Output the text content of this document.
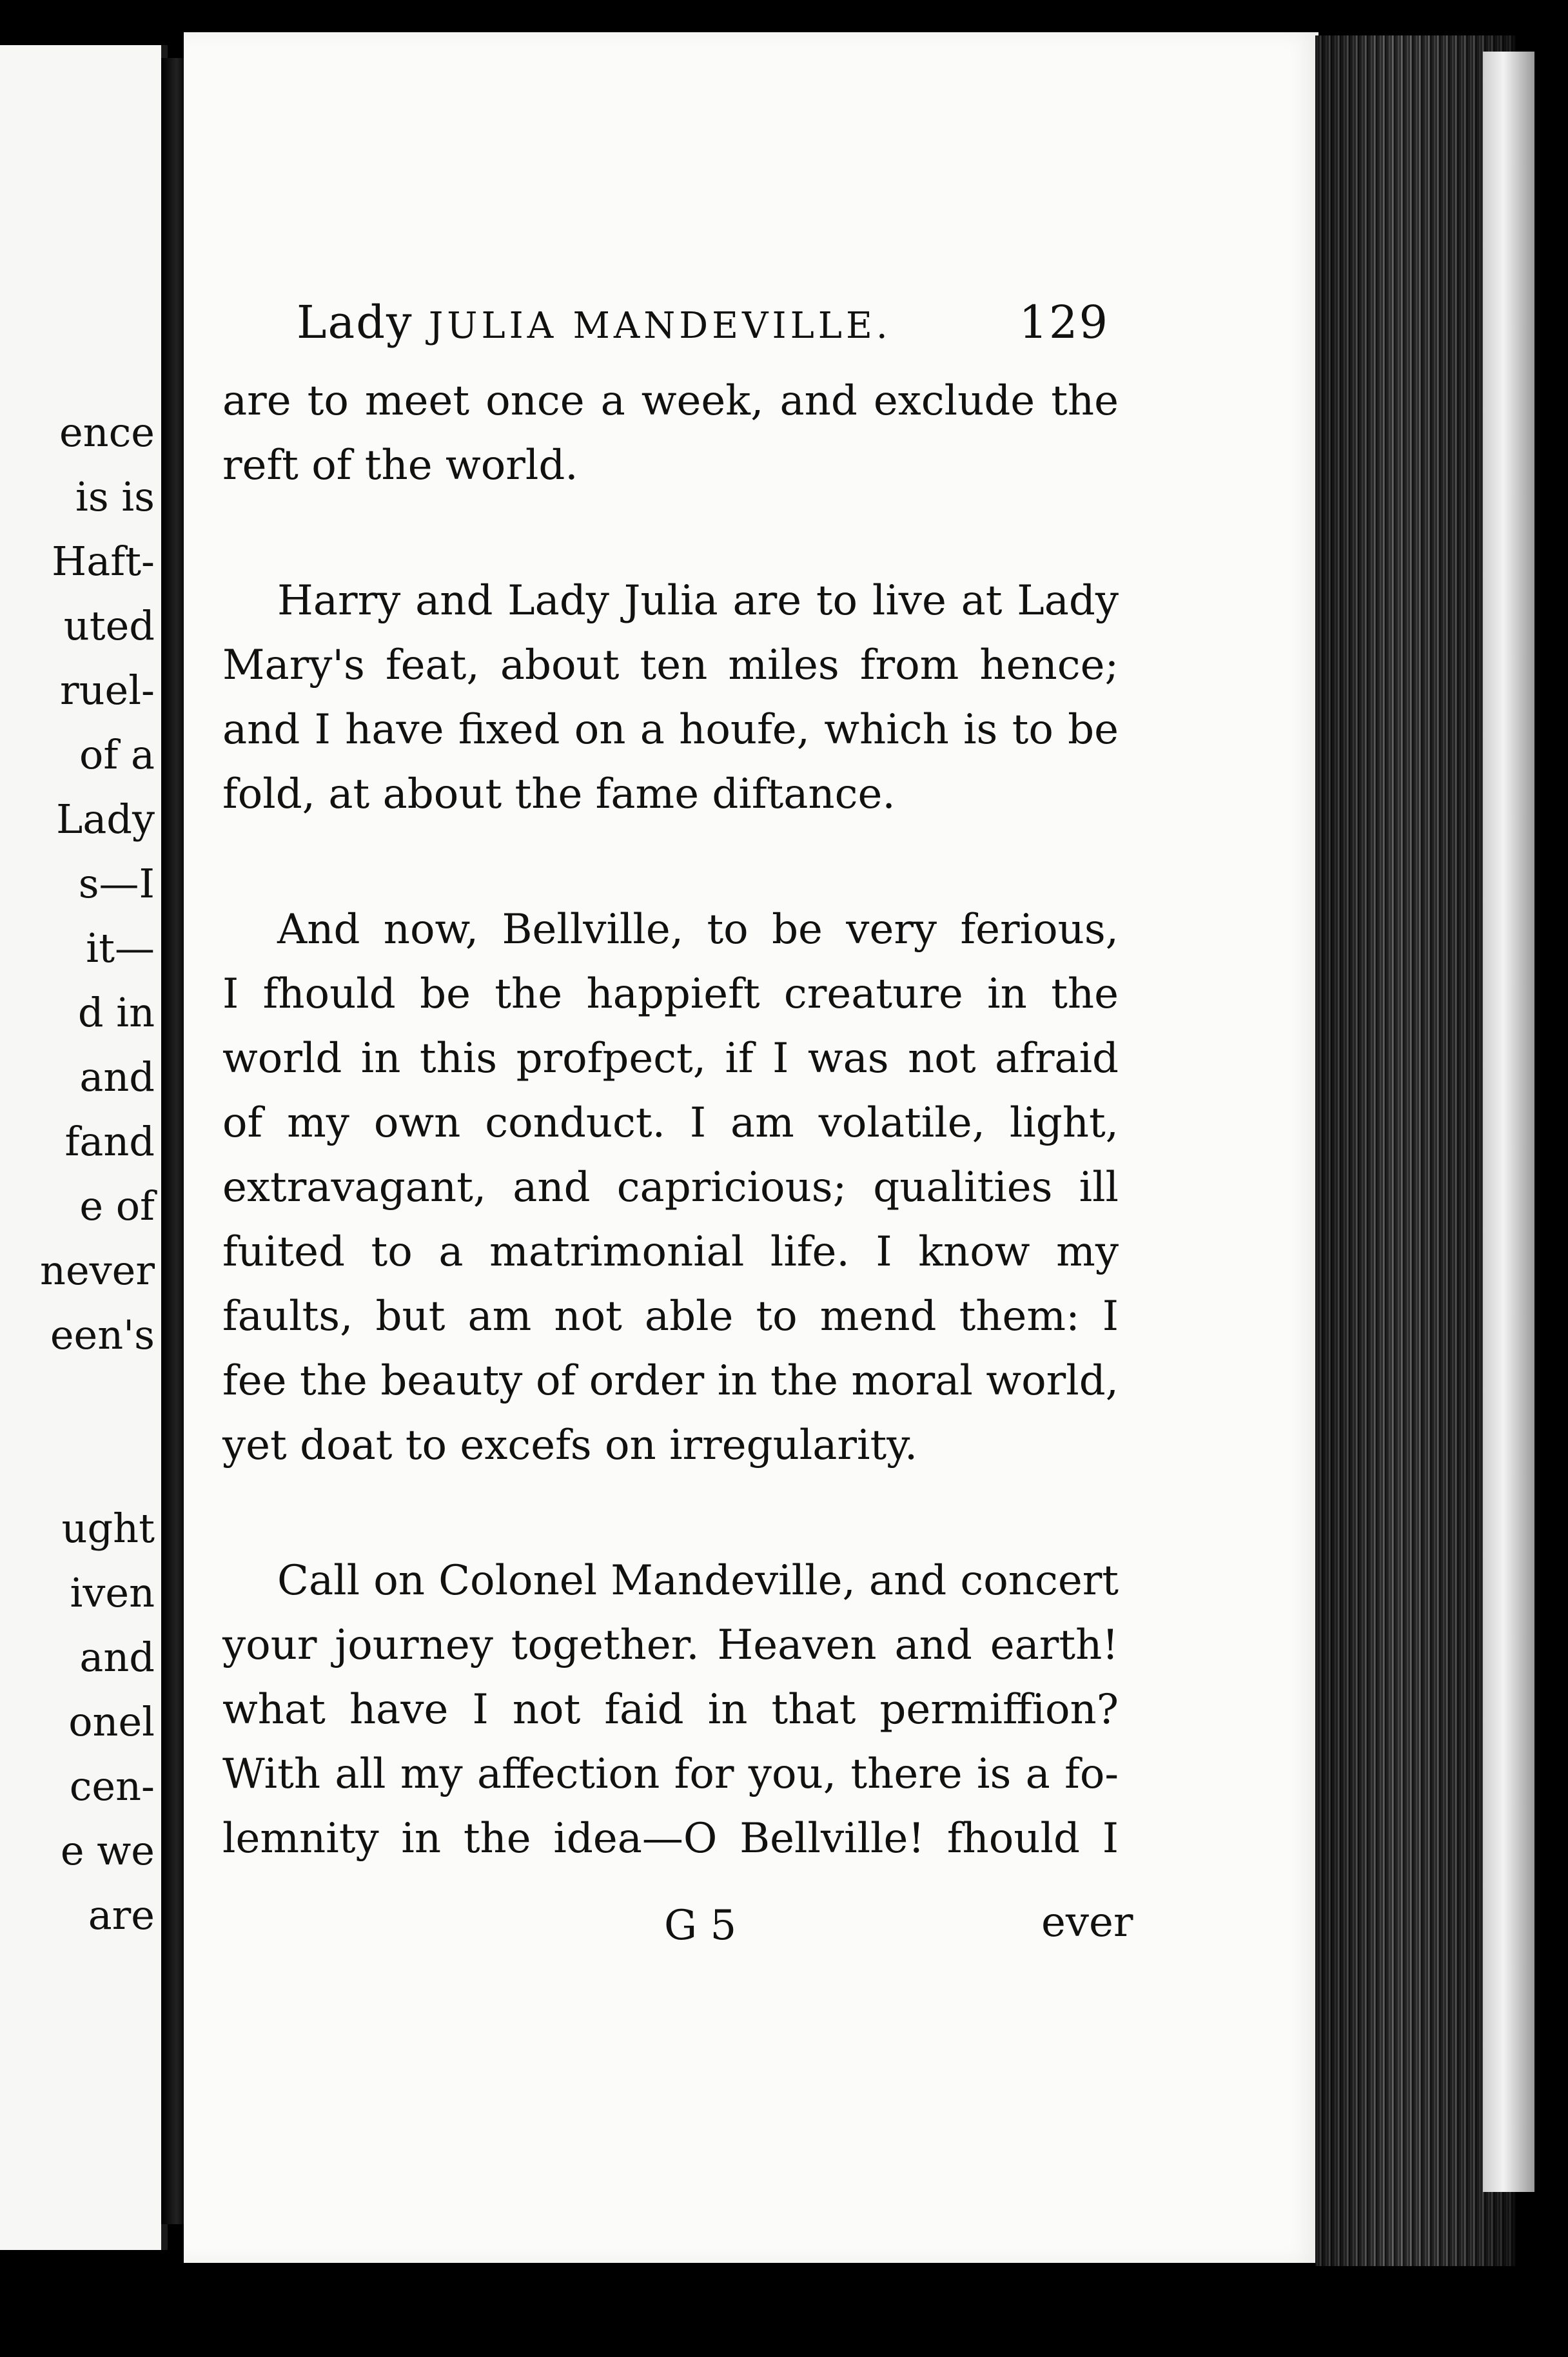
ence
is is
Haft-
uted
ruel-
of a
Lady
s—I
it—
d in
and
fand
e of
never
een's
ught
iven
and
onel
cen-
e we
are
Lady JULIA MANDEVILLE.	129
are to meet once a week, and exclude the
reft of the world.
Harry and Lady Julia are to live at Lady
Mary's feat, about ten miles from hence;
and I have fixed on a houfe, which is to be
fold, at about the fame diftance.
And now, Bellville, to be very ferious,
I fhould be the happieft creature in the
world in this profpect, if I was not afraid
of my own conduct. I am volatile, light,
extravagant, and capricious; qualities ill
fuited to a matrimonial life. I know my
faults, but am not able to mend them: I
fee the beauty of order in the moral world,
yet doat to excefs on irregularity.
Call on Colonel Mandeville, and concert
your journey together. Heaven and earth!
what have I not faid in that permiffion?
With all my affection for you, there is a fo-
lemnity in the idea—O Bellville! fhould I
G 5	ever
